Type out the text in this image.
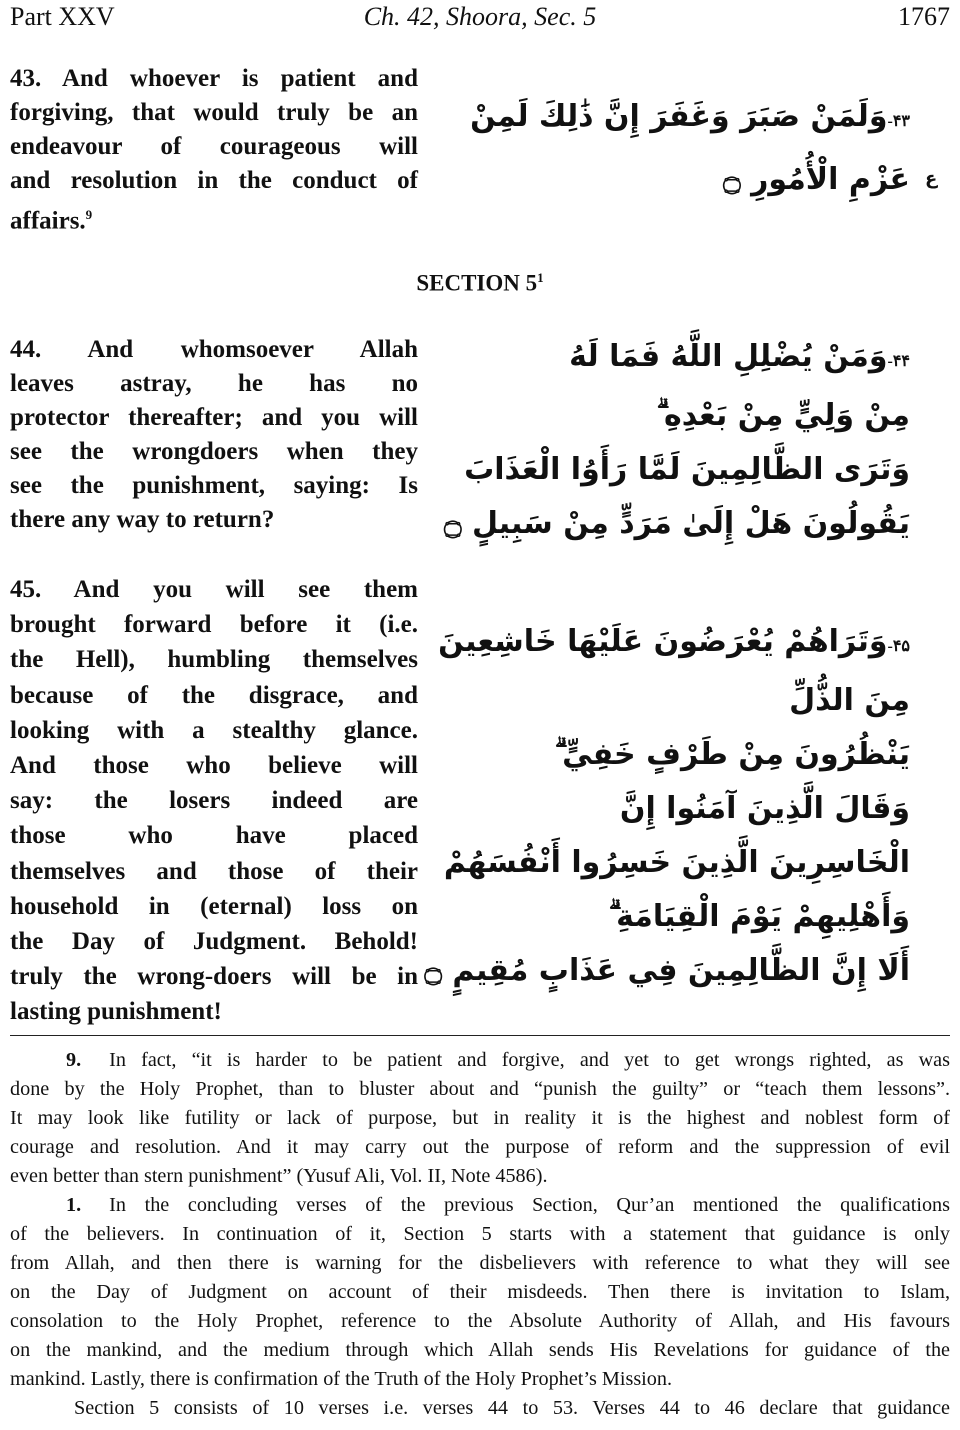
Part XXV	Ch. 42, Shoora, Sec. 5	1767
43. And whoever is patient and
forgiving, that would truly be an
endeavour of courageous will
and resolution in the conduct of
affairs.$^9$
۴۳-وَلَمَنْ صَبَرَ وَغَفَرَ إِنَّ ذَٰلِكَ لَمِنْ
عَزْمِ الْأُمُورِ ۝ ع
SECTION $5^1$
44. And whomsoever Allah
leaves astray, he has no
protector thereafter; and you will
see the wrongdoers when they
see the punishment, saying: Is
there any way to return?
۴۴-وَمَنْ يُضْلِلِ اللَّهُ فَمَا لَهُ
مِنْ وَلِيٍّ مِنْ بَعْدِهِ ۗ
وَتَرَى الظَّالِمِينَ لَمَّا رَأَوُا الْعَذَابَ
يَقُولُونَ هَلْ إِلَىٰ مَرَدٍّ مِنْ سَبِيلٍ ۝
45. And you will see them
brought forward before it (i.e.
the Hell), humbling themselves
because of the disgrace, and
looking with a stealthy glance.
And those who believe will
say: the losers indeed are
those who have placed
themselves and those of their
household in (eternal) loss on
the Day of Judgment. Behold!
truly the wrong-doers will be in
lasting punishment!
۴۵-وَتَرَاهُمْ يُعْرَضُونَ عَلَيْهَا خَاشِعِينَ
مِنَ الذُّلِّ
يَنْظُرُونَ مِنْ طَرْفٍ خَفِيٍّ ۗ
وَقَالَ الَّذِينَ آمَنُوا إِنَّ
الْخَاسِرِينَ الَّذِينَ خَسِرُوا أَنْفُسَهُمْ
وَأَهْلِيهِمْ يَوْمَ الْقِيَامَةِ ۗ
أَلَا إِنَّ الظَّالِمِينَ فِي عَذَابٍ مُقِيمٍ ۝
9. In fact, “it is harder to be patient and forgive, and yet to get wrongs righted, as was
done by the Holy Prophet, than to bluster about and “punish the guilty” or “teach them lessons”.
It may look like futility or lack of purpose, but in reality it is the highest and noblest form of
courage and resolution. And it may carry out the purpose of reform and the suppression of evil
even better than stern punishment” (Yusuf Ali, Vol. II, Note 4586).
1. In the concluding verses of the previous Section, Qur’an mentioned the qualifications
of the believers. In continuation of it, Section 5 starts with a statement that guidance is only
from Allah, and then there is warning for the disbelievers with reference to what they will see
on the Day of Judgment on account of their misdeeds. Then there is invitation to Islam,
consolation to the Holy Prophet, reference to the Absolute Authority of Allah, and His favours
on the mankind, and the medium through which Allah sends His Revelations for guidance of the
mankind. Lastly, there is confirmation of the Truth of the Holy Prophet’s Mission.
Section 5 consists of 10 verses i.e. verses 44 to 53. Verses 44 to 46 declare that guidance
